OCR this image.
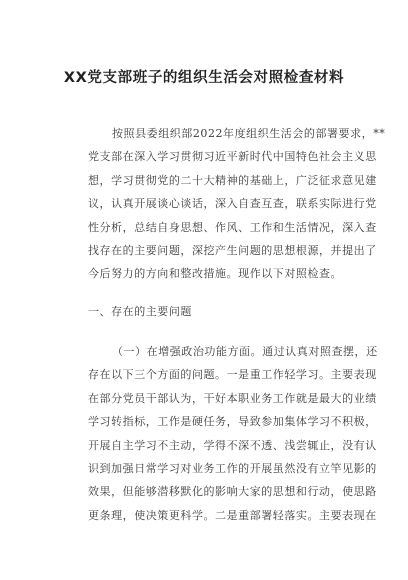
XX党支部班子的组织生活会对照检查材料
按照县委组织部2022年度组织生活会的部署要求，**
党支部在深入学习贯彻习近平新时代中国特色社会主义思
想，学习贯彻党的二十大精神的基础上，广泛征求意见建
议，认真开展谈心谈话，深入自查互查，联系实际进行党
性分析，总结自身思想、作风、工作和生活情况，深入查
找存在的主要问题，深挖产生问题的思想根源，并提出了
今后努力的方向和整改措施。现作以下对照检查。
一、存在的主要问题
（一）在增强政治功能方面。通过认真对照查摆，还
存在以下三个方面的问题。一是重工作轻学习。主要表现
在部分党员干部认为，干好本职业务工作就是最大的业绩
学习转指标，工作是硬任务，导致参加集体学习不积极，
开展自主学习不主动，学得不深不透、浅尝辄止，没有认
识到加强日常学习对业务工作的开展虽然没有立竿见影的
效果，但能够潜移默化的影响大家的思想和行动，使思路
更条理，使决策更科学。二是重部署轻落实。主要表现在
